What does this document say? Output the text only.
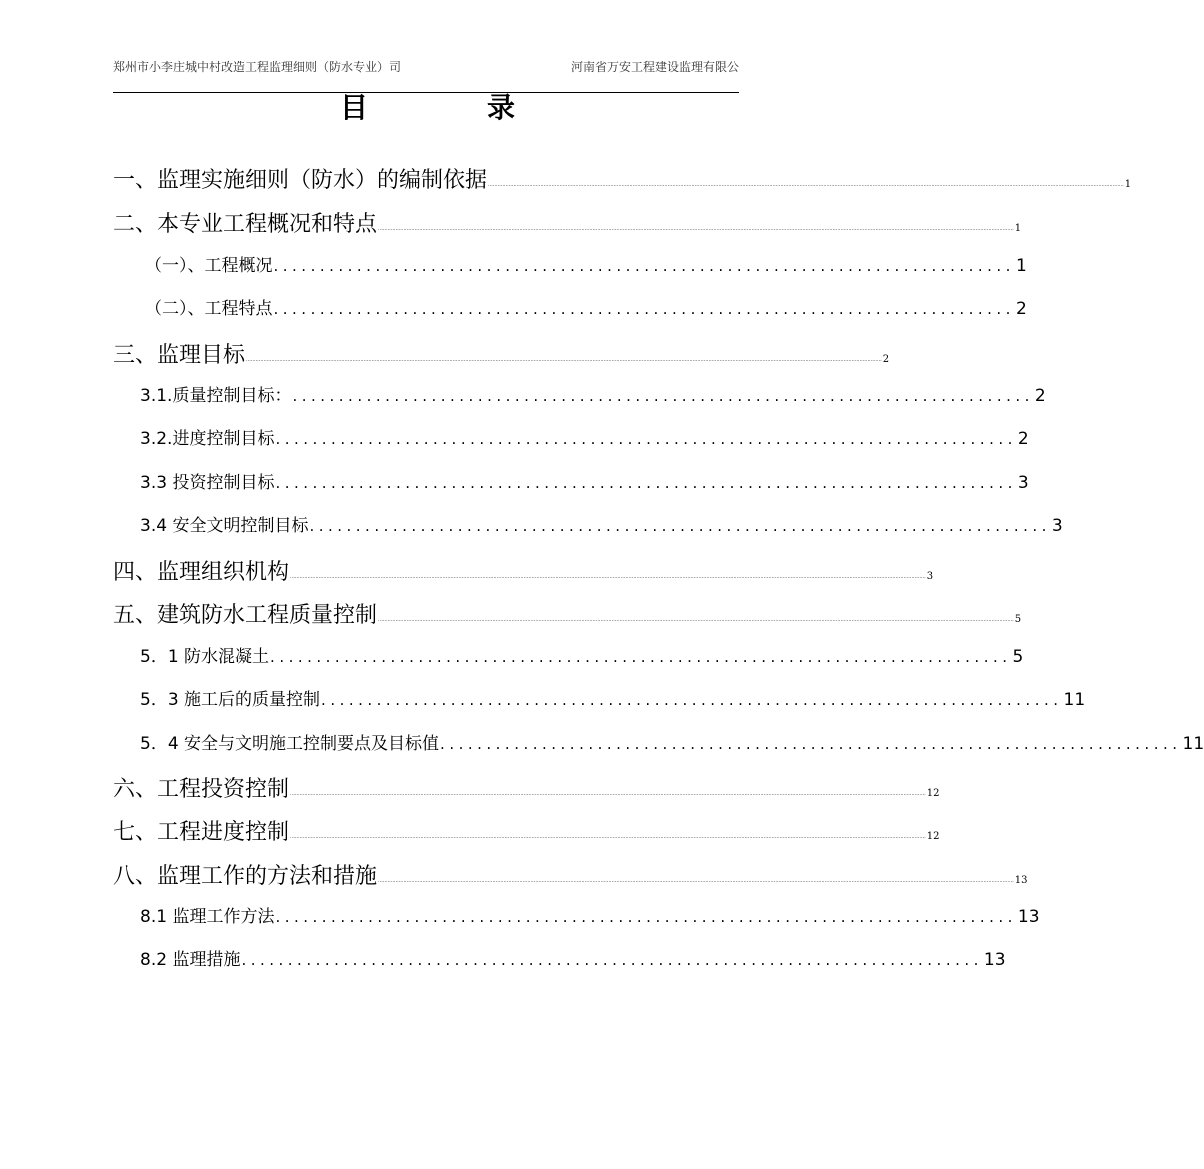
郑州市小李庄城中村改造工程监理细则（防水专业）司	河南省万安工程建设监理有限公
目	录
一、监理实施细则（防水）的编制依据 ................................................................................................................................................................................................................................................................................................................................................................................................................ 1
二、本专业工程概况和特点 ................................................................................................................................................................................................................................................................................................................................................................................................................ 1
（一）、工程概况 ................................................................................ 1
（二）、工程特点 ................................................................................ 2
三、监理目标 ................................................................................................................................................................................................................................................................................................................................................................................................................ 2
3.1.质量控制目标： ................................................................................ 2
3.2.进度控制目标 ................................................................................ 2
3.3 投资控制目标 ................................................................................ 3
3.4 安全文明控制目标 ................................................................................ 3
四、监理组织机构 ................................................................................................................................................................................................................................................................................................................................................................................................................ 3
五、建筑防水工程质量控制 ................................................................................................................................................................................................................................................................................................................................................................................................................ 5
5．1 防水混凝土 ................................................................................ 5
5．3 施工后的质量控制 ................................................................................ 11
5．4 安全与文明施工控制要点及目标值 ................................................................................ 11
六、工程投资控制 ................................................................................................................................................................................................................................................................................................................................................................................................................ 12
七、工程进度控制 ................................................................................................................................................................................................................................................................................................................................................................................................................ 12
八、监理工作的方法和措施 ................................................................................................................................................................................................................................................................................................................................................................................................................ 13
8.1 监理工作方法 ................................................................................ 13
8.2 监理措施 ................................................................................ 13
